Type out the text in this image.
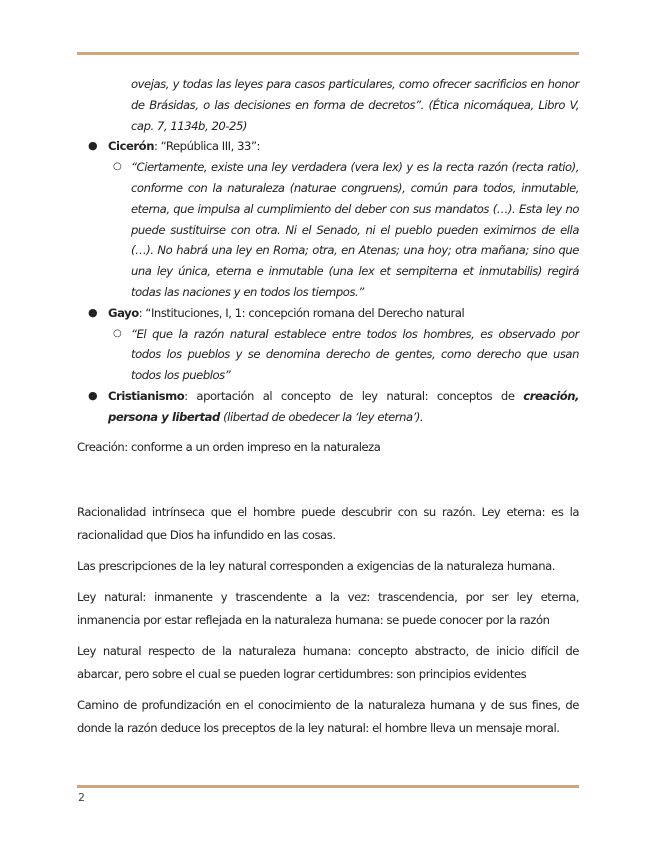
ovejas, y todas las leyes para casos particulares, como ofrecer sacrificios en honor de Brásidas, o las decisiones en forma de decretos”. (Ética nicomáquea, Libro V, cap. 7, 1134b, 20-25)
● Cicerón: “República III, 33”:
○ “Ciertamente, existe una ley verdadera (vera lex) y es la recta razón (recta ratio), conforme con la naturaleza (naturae congruens), común para todos, inmutable, eterna, que impulsa al cumplimiento del deber con sus mandatos (…). Esta ley no puede sustituirse con otra. Ni el Senado, ni el pueblo pueden eximirnos de ella (…). No habrá una ley en Roma; otra, en Atenas; una hoy; otra mañana; sino que una ley única, eterna e inmutable (una lex et sempiterna et inmutabilis) regirá todas las naciones y en todos los tiempos.”
● Gayo: “Instituciones, I, 1: concepción romana del Derecho natural
○ “El que la razón natural establece entre todos los hombres, es observado por todos los pueblos y se denomina derecho de gentes, como derecho que usan todos los pueblos”
● Cristianismo: aportación al concepto de ley natural: conceptos de creación, persona y libertad (libertad de obedecer la ‘ley eterna’).

Creación: conforme a un orden impreso en la naturaleza

Racionalidad intrínseca que el hombre puede descubrir con su razón. Ley eterna: es la racionalidad que Dios ha infundido en las cosas.

Las prescripciones de la ley natural corresponden a exigencias de la naturaleza humana.

Ley natural: inmanente y trascendente a la vez: trascendencia, por ser ley eterna, inmanencia por estar reflejada en la naturaleza humana: se puede conocer por la razón

Ley natural respecto de la naturaleza humana: concepto abstracto, de inicio difícil de abarcar, pero sobre el cual se pueden lograr certidumbres: son principios evidentes

Camino de profundización en el conocimiento de la naturaleza humana y de sus fines, de donde la razón deduce los preceptos de la ley natural: el hombre lleva un mensaje moral.

2
